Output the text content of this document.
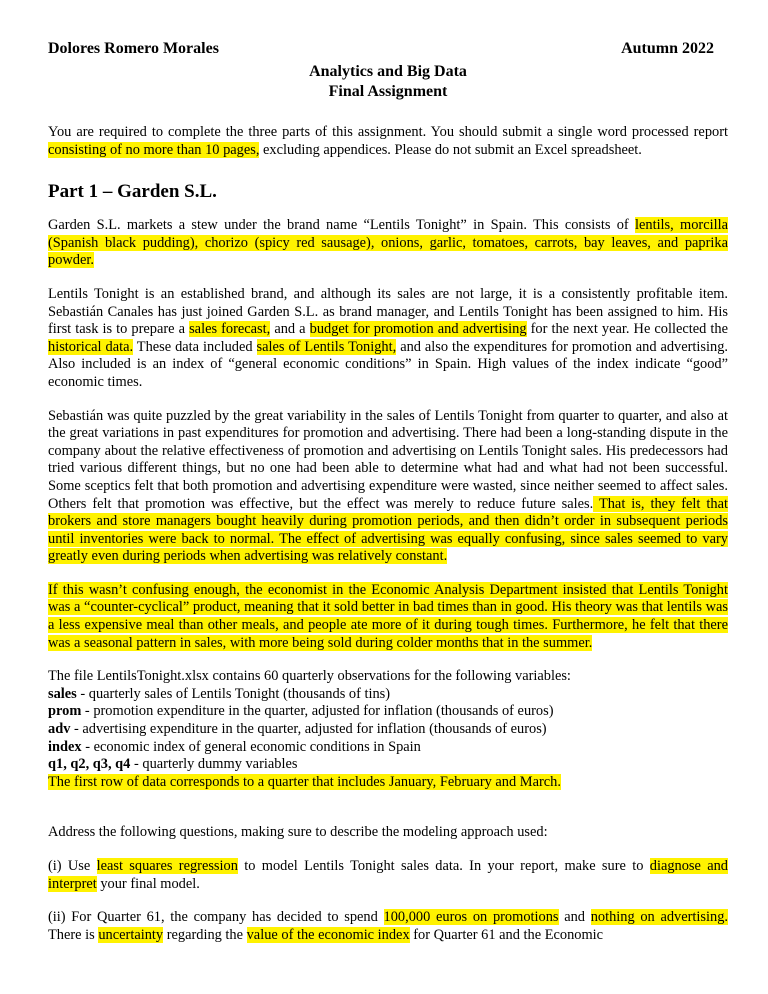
Dolores Romero Morales	Autumn 2022
Analytics and Big Data
Final Assignment

You are required to complete the three parts of this assignment. You should submit a single word processed report consisting of no more than 10 pages, excluding appendices. Please do not submit an Excel spreadsheet.

Part 1 – Garden S.L.

Garden S.L. markets a stew under the brand name “Lentils Tonight” in Spain. This consists of lentils, morcilla (Spanish black pudding), chorizo (spicy red sausage), onions, garlic, tomatoes, carrots, bay leaves, and paprika powder.

Lentils Tonight is an established brand, and although its sales are not large, it is a consistently profitable item. Sebastián Canales has just joined Garden S.L. as brand manager, and Lentils Tonight has been assigned to him. His first task is to prepare a sales forecast, and a budget for promotion and advertising for the next year. He collected the historical data. These data included sales of Lentils Tonight, and also the expenditures for promotion and advertising. Also included is an index of “general economic conditions” in Spain. High values of the index indicate “good” economic times.

Sebastián was quite puzzled by the great variability in the sales of Lentils Tonight from quarter to quarter, and also at the great variations in past expenditures for promotion and advertising. There had been a long-standing dispute in the company about the relative effectiveness of promotion and advertising on Lentils Tonight sales. His predecessors had tried various different things, but no one had been able to determine what had and what had not been successful. Some sceptics felt that both promotion and advertising expenditure were wasted, since neither seemed to affect sales. Others felt that promotion was effective, but the effect was merely to reduce future sales. That is, they felt that brokers and store managers bought heavily during promotion periods, and then didn’t order in subsequent periods until inventories were back to normal. The effect of advertising was equally confusing, since sales seemed to vary greatly even during periods when advertising was relatively constant.

If this wasn’t confusing enough, the economist in the Economic Analysis Department insisted that Lentils Tonight was a “counter-cyclical” product, meaning that it sold better in bad times than in good. His theory was that lentils was a less expensive meal than other meals, and people ate more of it during tough times. Furthermore, he felt that there was a seasonal pattern in sales, with more being sold during colder months that in the summer.

The file LentilsTonight.xlsx contains 60 quarterly observations for the following variables:
sales - quarterly sales of Lentils Tonight (thousands of tins)
prom - promotion expenditure in the quarter, adjusted for inflation (thousands of euros)
adv - advertising expenditure in the quarter, adjusted for inflation (thousands of euros)
index - economic index of general economic conditions in Spain
q1, q2, q3, q4 - quarterly dummy variables
The first row of data corresponds to a quarter that includes January, February and March.

Address the following questions, making sure to describe the modeling approach used:

(i) Use least squares regression to model Lentils Tonight sales data. In your report, make sure to diagnose and interpret your final model.

(ii) For Quarter 61, the company has decided to spend 100,000 euros on promotions and nothing on advertising. There is uncertainty regarding the value of the economic index for Quarter 61 and the Economic
